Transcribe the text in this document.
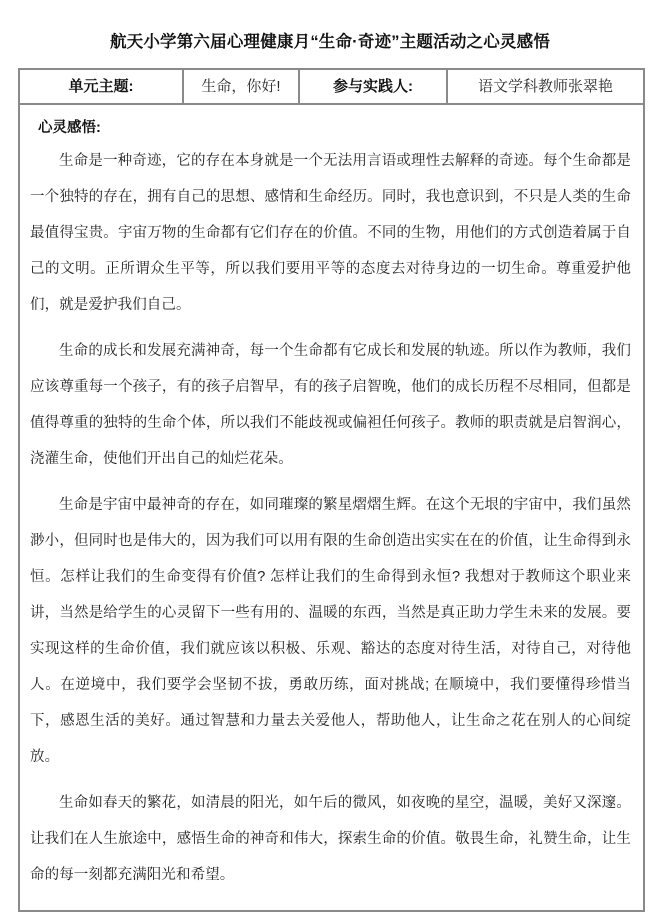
航天小学第六届心理健康月“生命·奇迹”主题活动之心灵感悟
单元主题:	生命，你好!	参与实践人:	语文学科教师张翠艳
心灵感悟:

生命是一种奇迹，它的存在本身就是一个无法用言语或理性去解释的奇迹。每个生命都是一个独特的存在，拥有自己的思想、感情和生命经历。同时，我也意识到，不只是人类的生命最值得宝贵。宇宙万物的生命都有它们存在的价值。不同的生物，用他们的方式创造着属于自己的文明。正所谓众生平等，所以我们要用平等的态度去对待身边的一切生命。尊重爱护他们，就是爱护我们自己。

生命的成长和发展充满神奇，每一个生命都有它成长和发展的轨迹。所以作为教师，我们应该尊重每一个孩子，有的孩子启智早，有的孩子启智晚，他们的成长历程不尽相同，但都是值得尊重的独特的生命个体，所以我们不能歧视或偏袒任何孩子。教师的职责就是启智润心，浇灌生命，使他们开出自己的灿烂花朵。

生命是宇宙中最神奇的存在，如同璀璨的繁星熠熠生辉。在这个无垠的宇宙中，我们虽然渺小，但同时也是伟大的，因为我们可以用有限的生命创造出实实在在的价值，让生命得到永恒。怎样让我们的生命变得有价值? 怎样让我们的生命得到永恒? 我想对于教师这个职业来讲，当然是给学生的心灵留下一些有用的、温暖的东西，当然是真正助力学生未来的发展。要实现这样的生命价值，我们就应该以积极、乐观、豁达的态度对待生活，对待自己，对待他人。在逆境中，我们要学会坚韧不拔，勇敢历练，面对挑战; 在顺境中，我们要懂得珍惜当下，感恩生活的美好。通过智慧和力量去关爱他人，帮助他人，让生命之花在别人的心间绽放。

生命如春天的繁花，如清晨的阳光，如午后的微风，如夜晚的星空，温暖，美好又深邃。让我们在人生旅途中，感悟生命的神奇和伟大，探索生命的价值。敬畏生命，礼赞生命，让生命的每一刻都充满阳光和希望。
